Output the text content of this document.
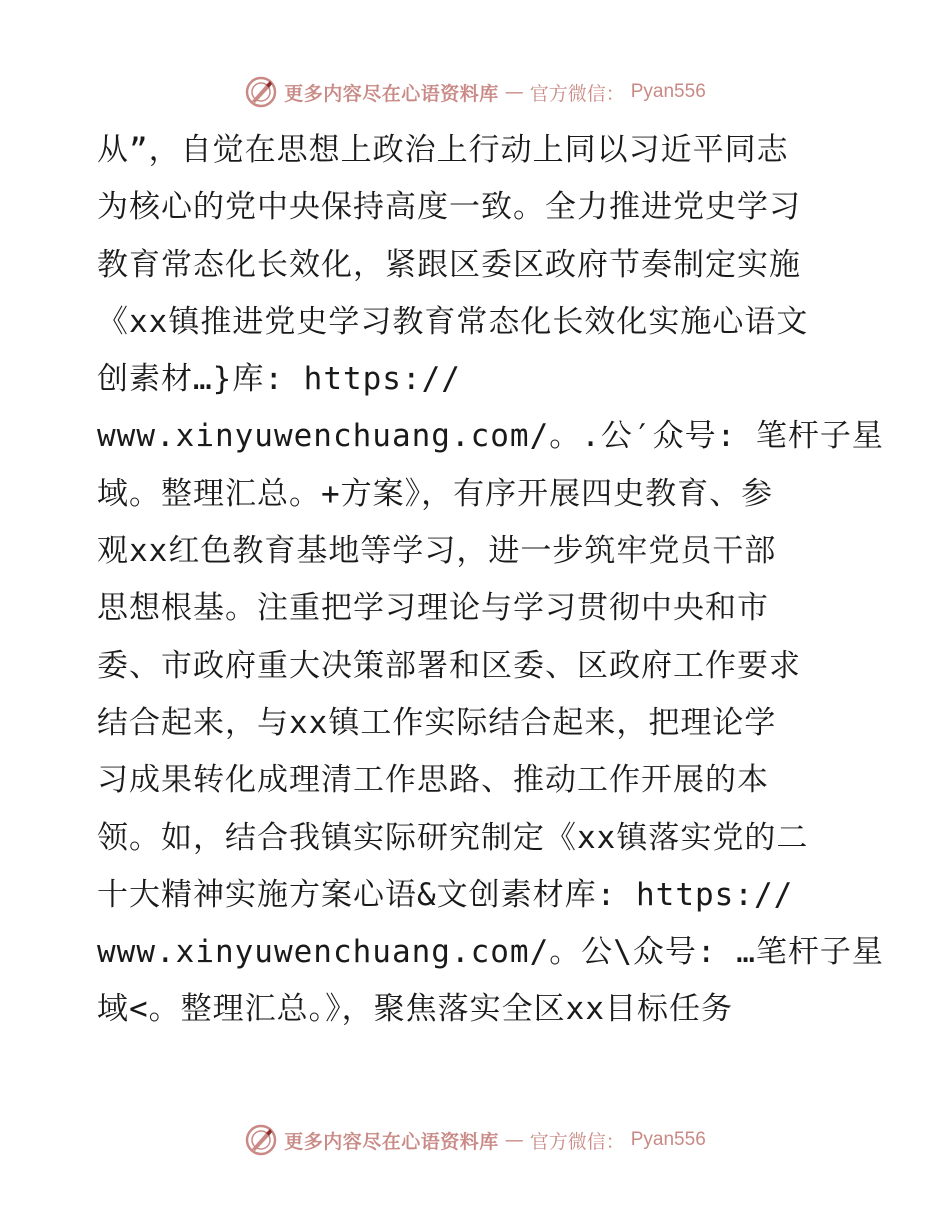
更多内容尽在心语资料库 — 官方微信： Pyan556
从”，自觉在思想上政治上行动上同以习近平同志
为核心的党中央保持高度一致。全力推进党史学习
教育常态化长效化，紧跟区委区政府节奏制定实施
《xx镇推进党史学习教育常态化长效化实施心语文
创素材…}库: https://
www.xinyuwenchuang.com/。.公′众号: 笔杆子星
域。整理汇总。+方案》，有序开展四史教育、参
观xx红色教育基地等学习，进一步筑牢党员干部
思想根基。注重把学习理论与学习贯彻中央和市
委、市政府重大决策部署和区委、区政府工作要求
结合起来，与xx镇工作实际结合起来，把理论学
习成果转化成理清工作思路、推动工作开展的本
领。如，结合我镇实际研究制定《xx镇落实党的二
十大精神实施方案心语&文创素材库: https://
www.xinyuwenchuang.com/。公\众号: …笔杆子星
域<。整理汇总。》，聚焦落实全区xx目标任务
更多内容尽在心语资料库 — 官方微信： Pyan556
